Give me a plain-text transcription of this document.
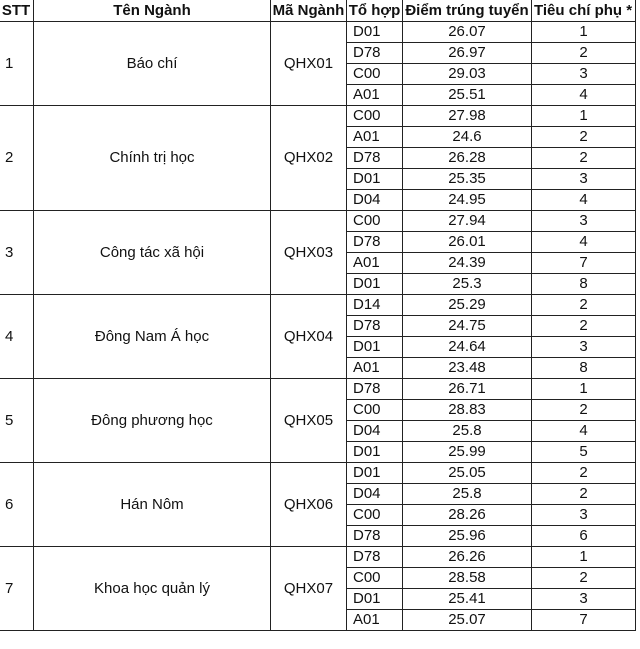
STT	Tên Ngành	Mã Ngành	Tổ hợp	Điểm trúng tuyển	Tiêu chí phụ *
1	Báo chí	QHX01	D01	26.07	1
			D78	26.97	2
			C00	29.03	3
			A01	25.51	4
2	Chính trị học	QHX02	C00	27.98	1
			A01	24.6	2
			D78	26.28	2
			D01	25.35	3
			D04	24.95	4
3	Công tác xã hội	QHX03	C00	27.94	3
			D78	26.01	4
			A01	24.39	7
			D01	25.3	8
4	Đông Nam Á học	QHX04	D14	25.29	2
			D78	24.75	2
			D01	24.64	3
			A01	23.48	8
5	Đông phương học	QHX05	D78	26.71	1
			C00	28.83	2
			D04	25.8	4
			D01	25.99	5
6	Hán Nôm	QHX06	D01	25.05	2
			D04	25.8	2
			C00	28.26	3
			D78	25.96	6
7	Khoa học quản lý	QHX07	D78	26.26	1
			C00	28.58	2
			D01	25.41	3
			A01	25.07	7
